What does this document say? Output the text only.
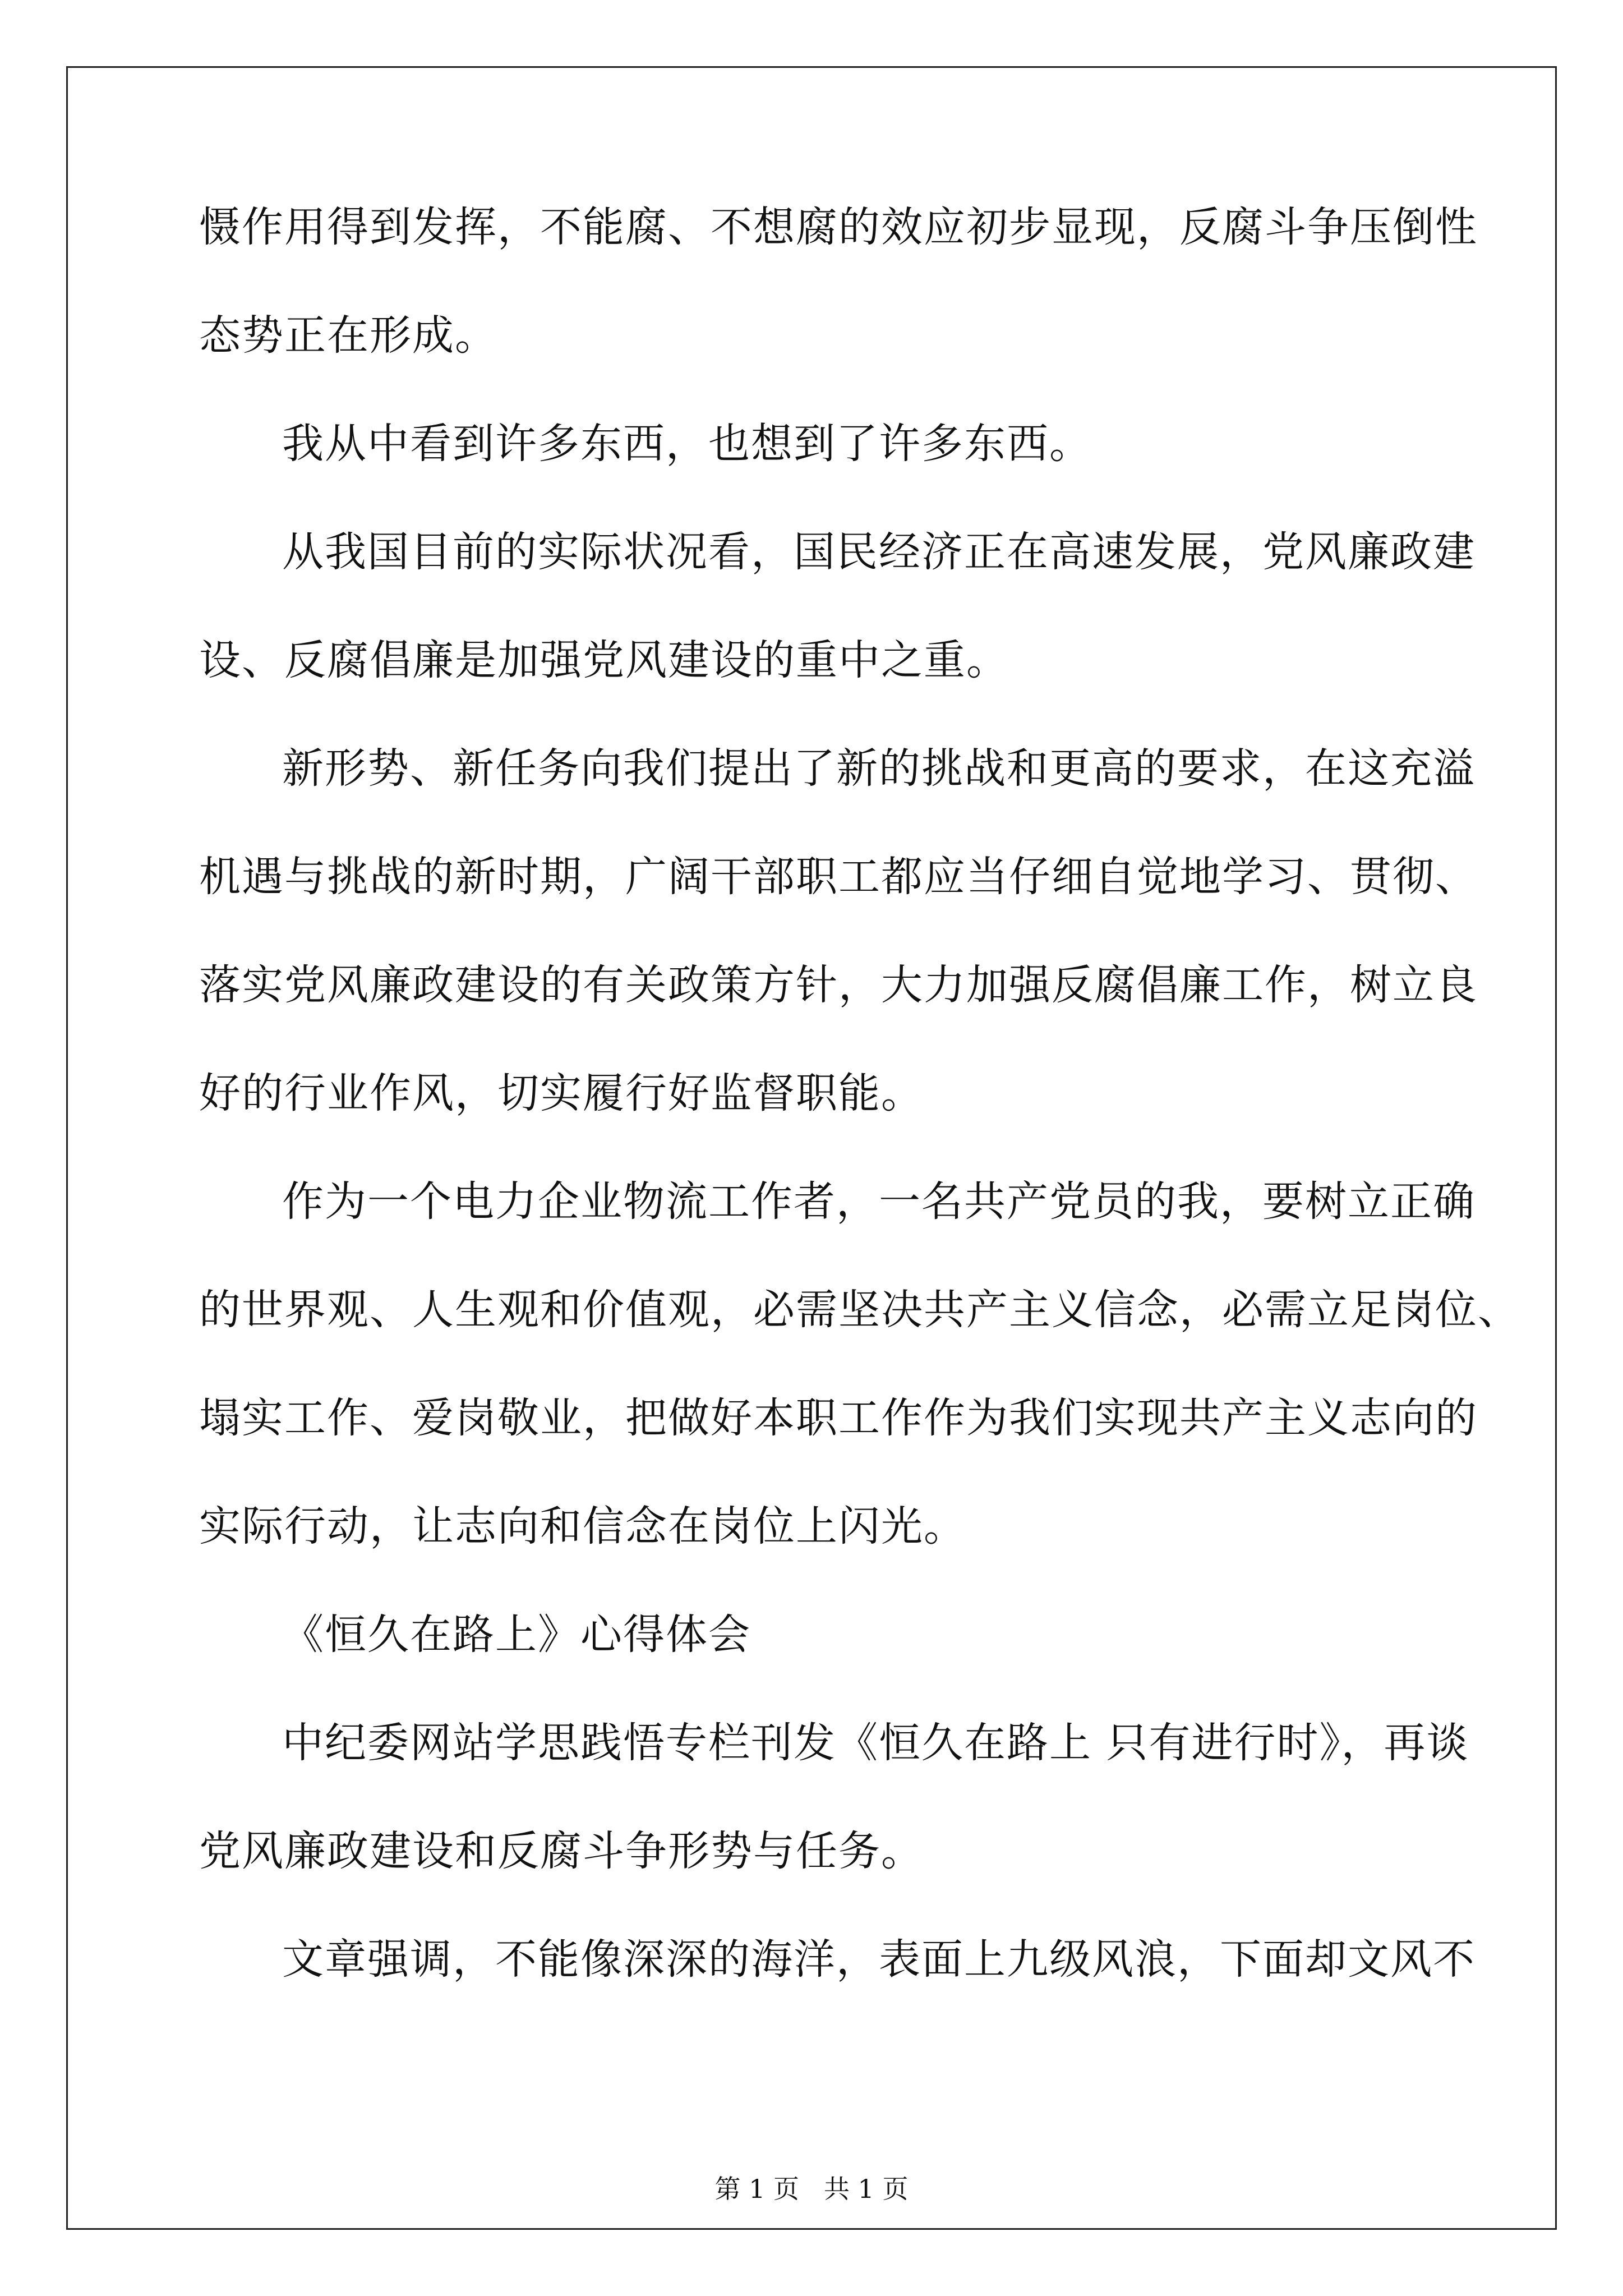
慑作用得到发挥，不能腐、不想腐的效应初步显现，反腐斗争压倒性
态势正在形成。
我从中看到许多东西，也想到了许多东西。
从我国目前的实际状况看，国民经济正在高速发展，党风廉政建
设、反腐倡廉是加强党风建设的重中之重。
新形势、新任务向我们提出了新的挑战和更高的要求，在这充溢
机遇与挑战的新时期，广阔干部职工都应当仔细自觉地学习、贯彻、
落实党风廉政建设的有关政策方针，大力加强反腐倡廉工作，树立良
好的行业作风，切实履行好监督职能。
作为一个电力企业物流工作者，一名共产党员的我，要树立正确
的世界观、人生观和价值观，必需坚决共产主义信念，必需立足岗位、
塌实工作、爱岗敬业，把做好本职工作作为我们实现共产主义志向的
实际行动，让志向和信念在岗位上闪光。
《恒久在路上》心得体会
中纪委网站学思践悟专栏刊发《恒久在路上 只有进行时》，再谈
党风廉政建设和反腐斗争形势与任务。
文章强调，不能像深深的海洋，表面上九级风浪，下面却文风不
第 1 页 共 1 页
